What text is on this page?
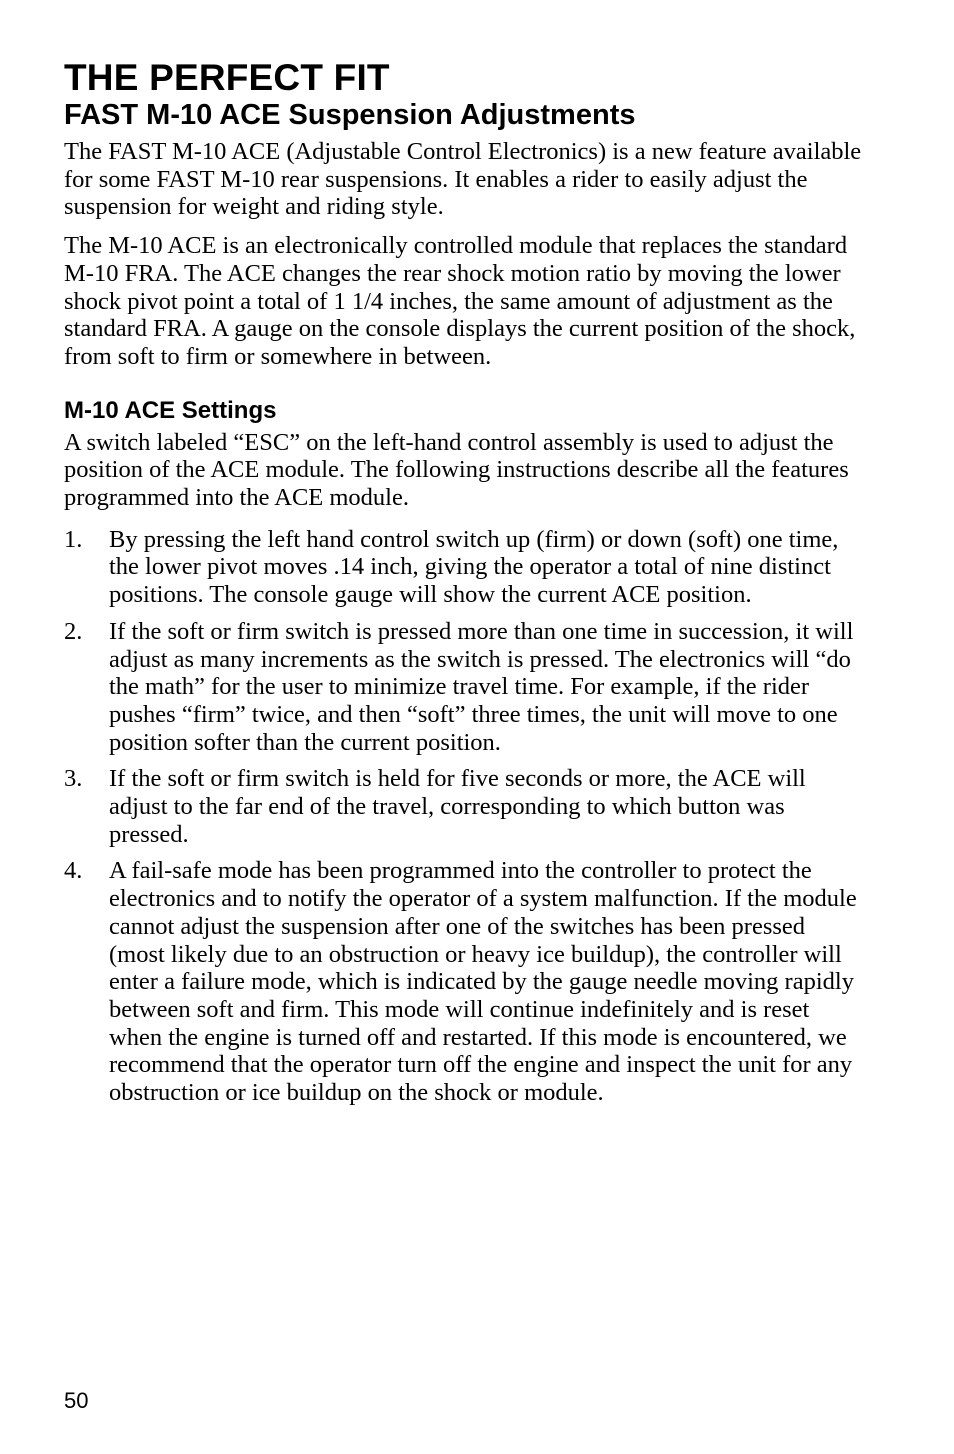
THE PERFECT FIT
FAST M-10 ACE Suspension Adjustments

The FAST M-10 ACE (Adjustable Control Electronics) is a new feature available for some FAST M-10 rear suspensions. It enables a rider to easily adjust the suspension for weight and riding style.

The M-10 ACE is an electronically controlled module that replaces the standard M-10 FRA. The ACE changes the rear shock motion ratio by moving the lower shock pivot point a total of 1 1/4 inches, the same amount of adjustment as the standard FRA. A gauge on the console displays the current position of the shock, from soft to firm or somewhere in between.

M-10 ACE Settings

A switch labeled “ESC” on the left-hand control assembly is used to adjust the position of the ACE module. The following instructions describe all the features programmed into the ACE module.

1. By pressing the left hand control switch up (firm) or down (soft) one time, the lower pivot moves .14 inch, giving the operator a total of nine distinct positions. The console gauge will show the current ACE position.
2. If the soft or firm switch is pressed more than one time in succession, it will adjust as many increments as the switch is pressed. The electronics will “do the math” for the user to minimize travel time. For example, if the rider pushes “firm” twice, and then “soft” three times, the unit will move to one position softer than the current position.
3. If the soft or firm switch is held for five seconds or more, the ACE will adjust to the far end of the travel, corresponding to which button was pressed.
4. A fail-safe mode has been programmed into the controller to protect the electronics and to notify the operator of a system malfunction. If the module cannot adjust the suspension after one of the switches has been pressed (most likely due to an obstruction or heavy ice buildup), the controller will enter a failure mode, which is indicated by the gauge needle moving rapidly between soft and firm. This mode will continue indefinitely and is reset when the engine is turned off and restarted. If this mode is encountered, we recommend that the operator turn off the engine and inspect the unit for any obstruction or ice buildup on the shock or module.
50
